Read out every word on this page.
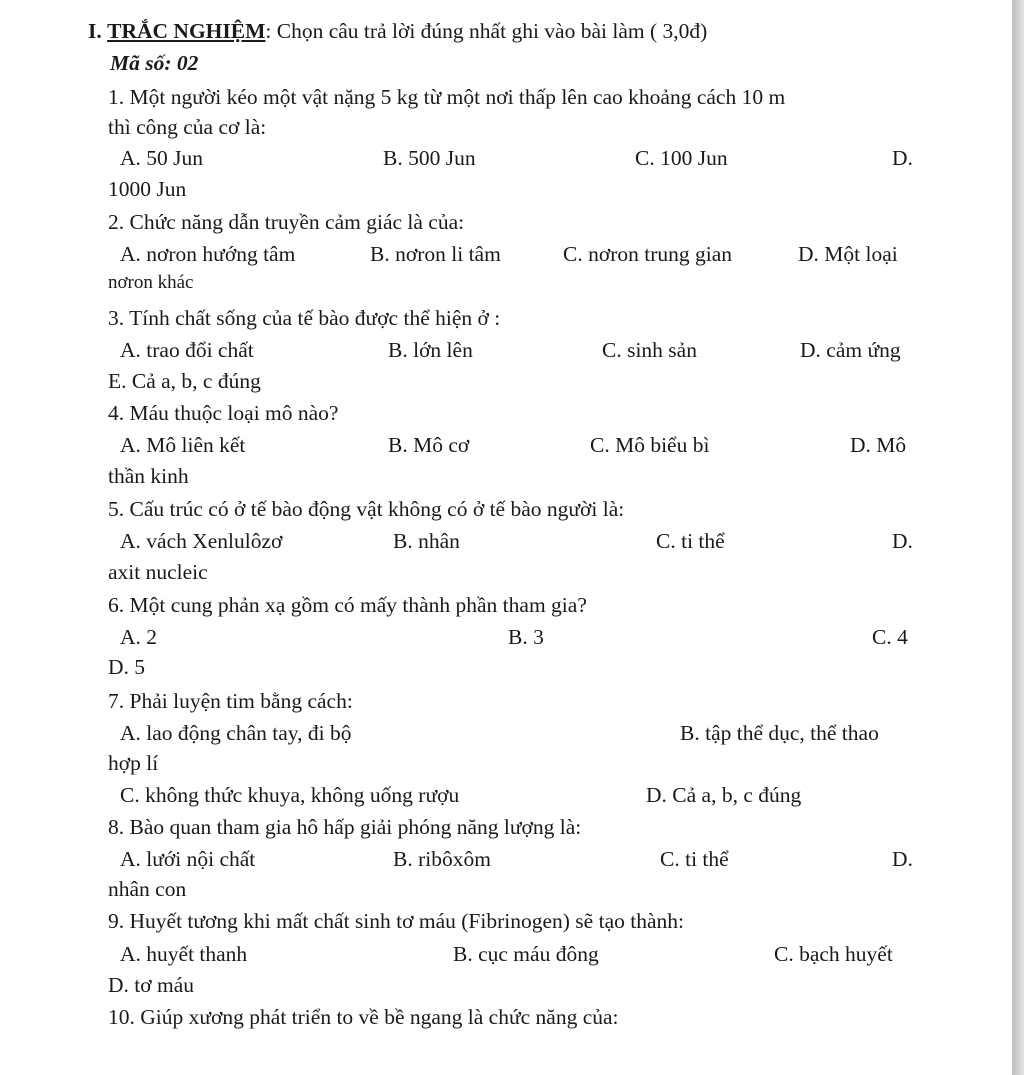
I. TRẮC NGHIỆM: Chọn câu trả lời đúng nhất ghi vào bài làm ( 3,0đ)
Mã số: 02
1. Một người kéo một vật nặng 5 kg từ một nơi thấp lên cao khoảng cách 10 m
thì công của cơ là:
A. 50 Jun	B. 500 Jun	C. 100 Jun	D.
1000 Jun
2. Chức năng dẫn truyền cảm giác là của:
A. nơron hướng tâm	B. nơron li tâm	C. nơron trung gian	D. Một loại
nơron khác
3. Tính chất sống của tế bào được thể hiện ở :
A. trao đổi chất	B. lớn lên	C. sinh sản	D. cảm ứng
E. Cả a, b, c đúng
4. Máu thuộc loại mô nào?
A. Mô liên kết	B. Mô cơ	C. Mô biểu bì	D. Mô
thần kinh
5. Cấu trúc có ở tế bào động vật không có ở tế bào người là:
A. vách Xenlulôzơ	B. nhân	C. ti thể	D.
axit nucleic
6. Một cung phản xạ gồm có mấy thành phần tham gia?
A. 2	B. 3	C. 4
D. 5
7. Phải luyện tim bằng cách:
A. lao động chân tay, đi bộ	B. tập thể dục, thể thao
hợp lí
C. không thức khuya, không uống rượu	D. Cả a, b, c đúng
8. Bào quan tham gia hô hấp giải phóng năng lượng là:
A. lưới nội chất	B. ribôxôm	C. ti thể	D.
nhân con
9. Huyết tương khi mất chất sinh tơ máu (Fibrinogen) sẽ tạo thành:
A. huyết thanh	B. cục máu đông	C. bạch huyết
D. tơ máu
10. Giúp xương phát triển to về bề ngang là chức năng của:
